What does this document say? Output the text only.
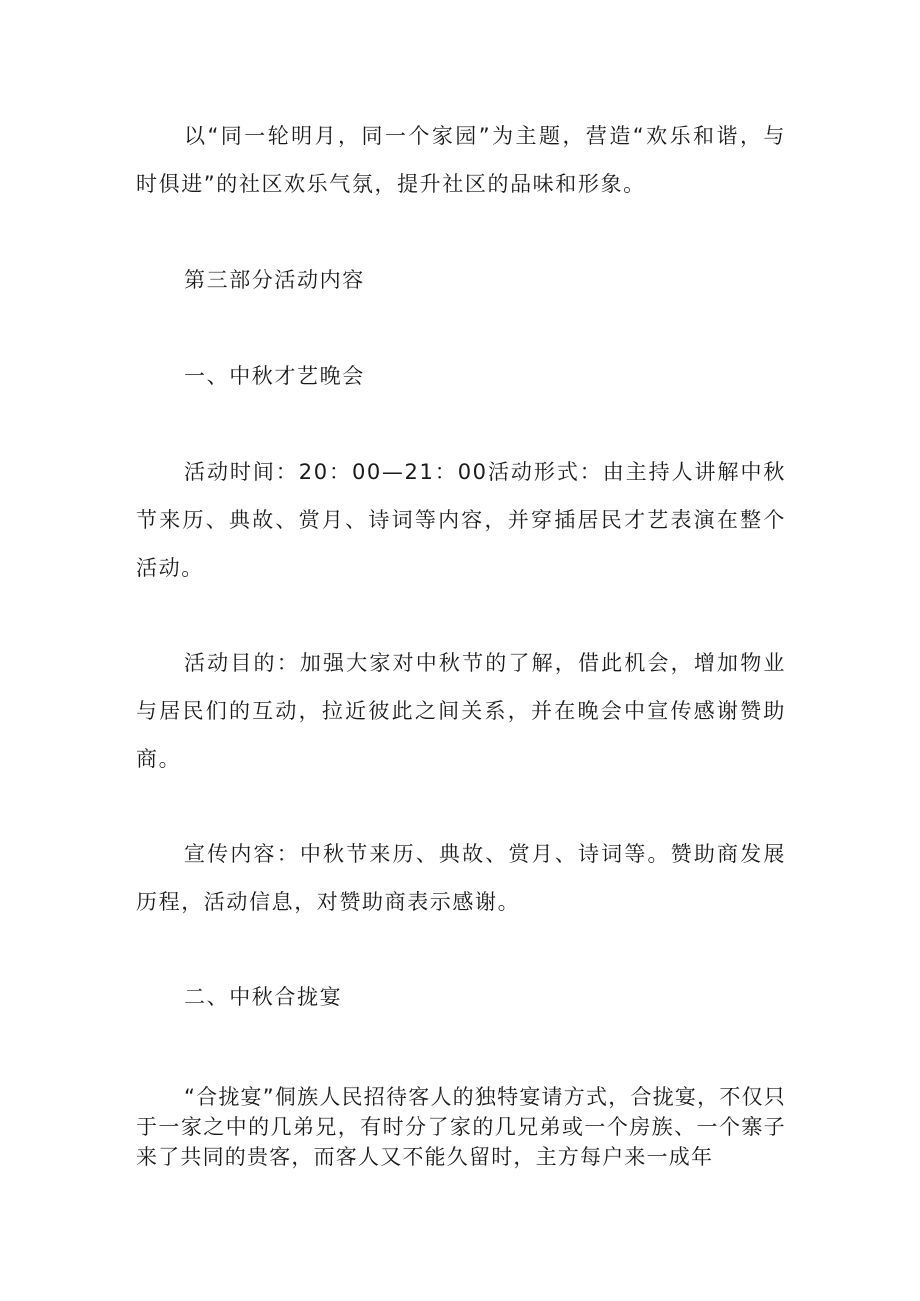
以“同一轮明月，同一个家园”为主题，营造“欢乐和谐，与时俱进”的社区欢乐气氛，提升社区的品味和形象。

第三部分活动内容

一、中秋才艺晚会

活动时间：20：00—21：00活动形式：由主持人讲解中秋节来历、典故、赏月、诗词等内容，并穿插居民才艺表演在整个活动。

活动目的：加强大家对中秋节的了解，借此机会，增加物业与居民们的互动，拉近彼此之间关系，并在晚会中宣传感谢赞助商。

宣传内容：中秋节来历、典故、赏月、诗词等。赞助商发展历程，活动信息，对赞助商表示感谢。

二、中秋合拢宴

“合拢宴”侗族人民招待客人的独特宴请方式，合拢宴，不仅只于一家之中的几弟兄，有时分了家的几兄弟或一个房族、一个寨子来了共同的贵客，而客人又不能久留时，主方每户来一成年
